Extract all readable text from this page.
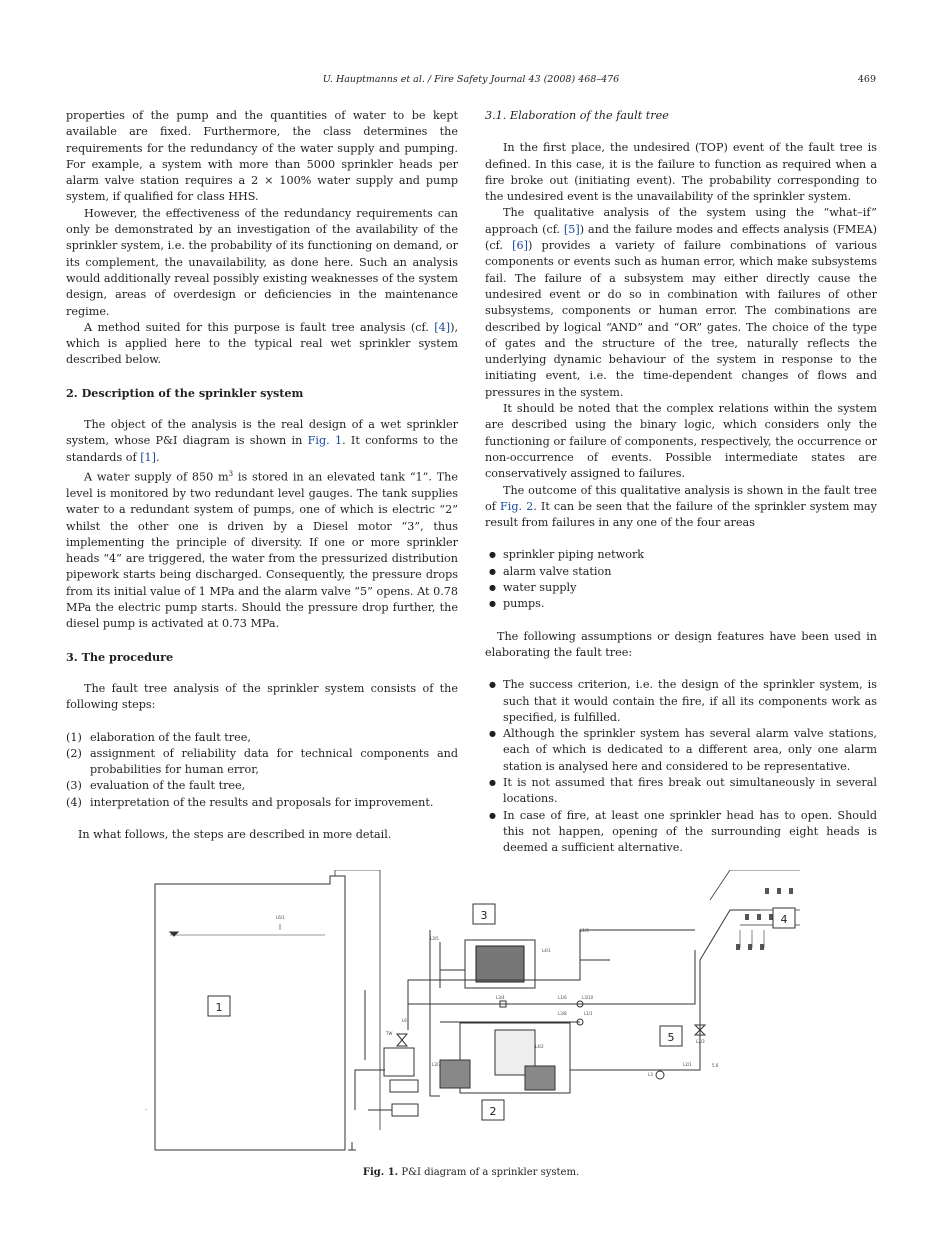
U. Hauptmanns et al. / Fire Safety Journal 43 (2008) 468–476	469

properties of the pump and the quantities of water to be kept available are fixed. Furthermore, the class determines the requirements for the redundancy of the water supply and pumping. For example, a system with more than 5000 sprinkler heads per alarm valve station requires a 2 × 100% water supply and pump system, if qualified for class HHS.

However, the effectiveness of the redundancy requirements can only be demonstrated by an investigation of the availability of the sprinkler system, i.e. the probability of its functioning on demand, or its complement, the unavailability, as done here. Such an analysis would additionally reveal possibly existing weaknesses of the system design, areas of overdesign or deficiencies in the maintenance regime.

A method suited for this purpose is fault tree analysis (cf. [4]), which is applied here to the typical real wet sprinkler system described below.

2. Description of the sprinkler system

The object of the analysis is the real design of a wet sprinkler system, whose P&I diagram is shown in Fig. 1. It conforms to the standards of [1].

A water supply of 850 $m^3$ is stored in an elevated tank “1”. The level is monitored by two redundant level gauges. The tank supplies water to a redundant system of pumps, one of which is electric “2” whilst the other one is driven by a Diesel motor “3”, thus implementing the principle of diversity. If one or more sprinkler heads “4” are triggered, the water from the pressurized distribution pipework starts being discharged. Consequently, the pressure drops from its initial value of 1 MPa and the alarm valve “5” opens. At 0.78 MPa the electric pump starts. Should the pressure drop further, the diesel pump is activated at 0.73 MPa.

3. The procedure

The fault tree analysis of the sprinkler system consists of the following steps:

(1) elaboration of the fault tree,
(2) assignment of reliability data for technical components and probabilities for human error,
(3) evaluation of the fault tree,
(4) interpretation of the results and proposals for improvement.

In what follows, the steps are described in more detail.

3.1. Elaboration of the fault tree

In the first place, the undesired (TOP) event of the fault tree is defined. In this case, it is the failure to function as required when a fire broke out (initiating event). The probability corresponding to the undesired event is the unavailability of the sprinkler system.

The qualitative analysis of the system using the “what–if” approach (cf. [5]) and the failure modes and effects analysis (FMEA) (cf. [6]) provides a variety of failure combinations of various components or events such as human error, which make subsystems fail. The failure of a subsystem may either directly cause the undesired event or do so in combination with failures of other subsystems, components or human error. The combinations are described by logical “AND” and “OR” gates. The choice of the type of gates and the structure of the tree, naturally reflects the underlying dynamic behaviour of the system in response to the initiating event, i.e. the time-dependent changes of flows and pressures in the system.

It should be noted that the complex relations within the system are described using the binary logic, which considers only the functioning or failure of components, respectively, the occurrence or non-occurrence of events. Possible intermediate states are conservatively assigned to failures.

The outcome of this qualitative analysis is shown in the fault tree of Fig. 2. It can be seen that the failure of the sprinkler system may result from failures in any one of the four areas

● sprinkler piping network
● alarm valve station
● water supply
● pumps.

The following assumptions or design features have been used in elaborating the fault tree:

● The success criterion, i.e. the design of the sprinkler system, is such that it would contain the fire, if all its components work as specified, is fulfilled.
● Although the sprinkler system has several alarm valve stations, each of which is dedicated to a different area, only one alarm station is analysed here and considered to be representative.
● It is not assumed that fires break out simultaneously in several locations.
● In case of fire, at least one sprinkler head has to open. Should this not happen, opening of the surrounding eight heads is deemed a sufficient alternative.
1
L6/1
-
TW
L6
3
L3/5
L4/1
L1/3
L3/4	L1/6
L3/8
L3/10
L1/1
L4/2
L3/7
2
5
L2/1
L2/3
5.6
L3
4
Fig. 1. P&I diagram of a sprinkler system.
